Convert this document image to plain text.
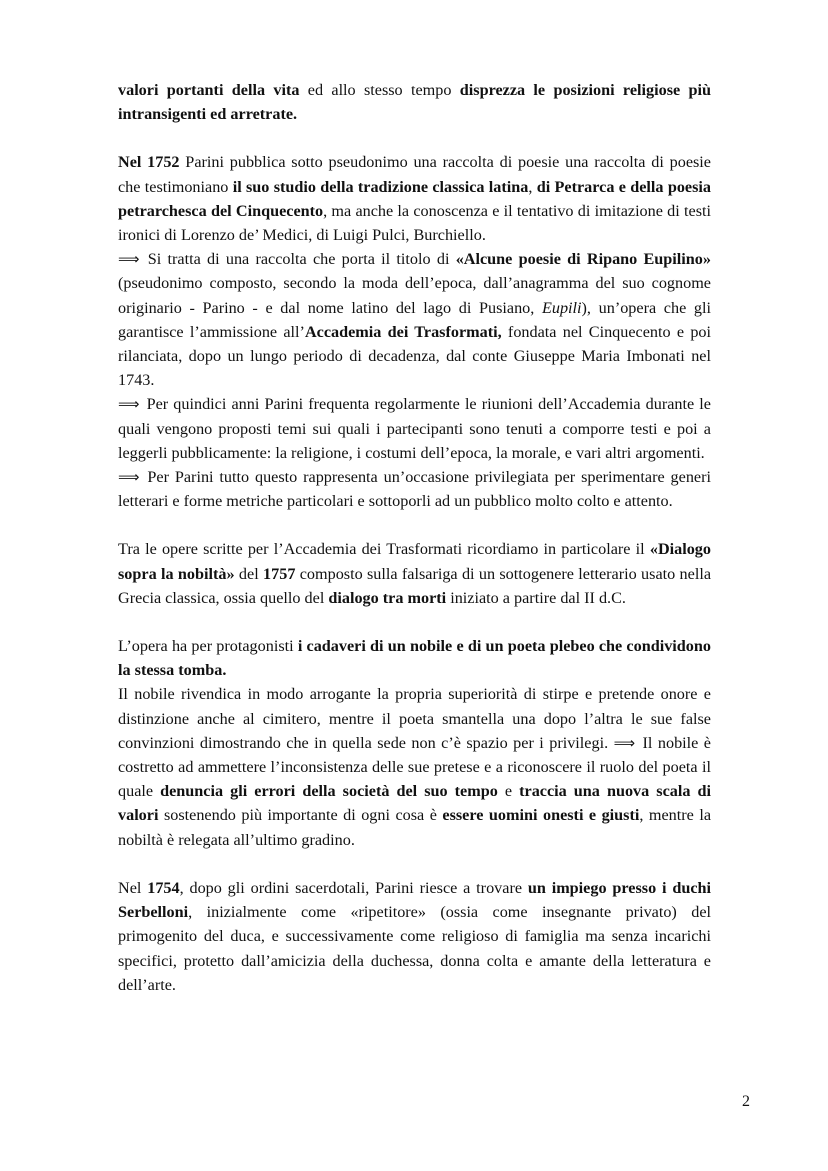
valori portanti della vita ed allo stesso tempo disprezza le posizioni religiose più intransigenti ed arretrate.

Nel 1752 Parini pubblica sotto pseudonimo una raccolta di poesie una raccolta di poesie che testimoniano il suo studio della tradizione classica latina, di Petrarca e della poesia petrarchesca del Cinquecento, ma anche la conoscenza e il tentativo di imitazione di testi ironici di Lorenzo de’ Medici, di Luigi Pulci, Burchiello.

⟹ Si tratta di una raccolta che porta il titolo di «Alcune poesie di Ripano Eupilino» (pseudonimo composto, secondo la moda dell’epoca, dall’anagramma del suo cognome originario - Parino - e dal nome latino del lago di Pusiano, Eupili), un’opera che gli garantisce l’ammissione all’Accademia dei Trasformati, fondata nel Cinquecento e poi rilanciata, dopo un lungo periodo di decadenza, dal conte Giuseppe Maria Imbonati nel 1743.

⟹ Per quindici anni Parini frequenta regolarmente le riunioni dell’Accademia durante le quali vengono proposti temi sui quali i partecipanti sono tenuti a comporre testi e poi a leggerli pubblicamente: la religione, i costumi dell’epoca, la morale, e vari altri argomenti.

⟹ Per Parini tutto questo rappresenta un’occasione privilegiata per sperimentare generi letterari e forme metriche particolari e sottoporli ad un pubblico molto colto e attento.

Tra le opere scritte per l’Accademia dei Trasformati ricordiamo in particolare il «Dialogo sopra la nobiltà» del 1757 composto sulla falsariga di un sottogenere letterario usato nella Grecia classica, ossia quello del dialogo tra morti iniziato a partire dal II d.C.

L’opera ha per protagonisti i cadaveri di un nobile e di un poeta plebeo che condividono la stessa tomba.

Il nobile rivendica in modo arrogante la propria superiorità di stirpe e pretende onore e distinzione anche al cimitero, mentre il poeta smantella una dopo l’altra le sue false convinzioni dimostrando che in quella sede non c’è spazio per i privilegi. ⟹ Il nobile è costretto ad ammettere l’inconsistenza delle sue pretese e a riconoscere il ruolo del poeta il quale denuncia gli errori della società del suo tempo e traccia una nuova scala di valori sostenendo più importante di ogni cosa è essere uomini onesti e giusti, mentre la nobiltà è relegata all’ultimo gradino.

Nel 1754, dopo gli ordini sacerdotali, Parini riesce a trovare un impiego presso i duchi Serbelloni, inizialmente come «ripetitore» (ossia come insegnante privato) del primogenito del duca, e successivamente come religioso di famiglia ma senza incarichi specifici, protetto dall’amicizia della duchessa, donna colta e amante della letteratura e dell’arte.

2
